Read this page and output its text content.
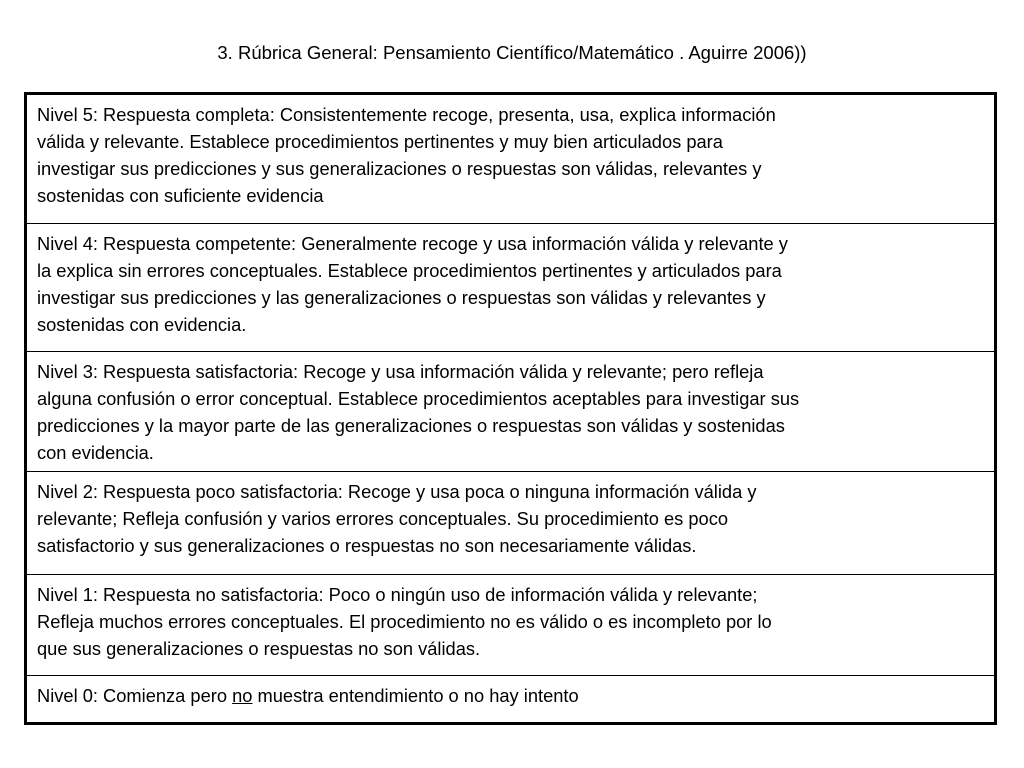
3. Rúbrica General: Pensamiento Científico/Matemático . Aguirre 2006))
Nivel 5: Respuesta completa: Consistentemente recoge, presenta, usa, explica información
válida y relevante. Establece procedimientos pertinentes y muy bien articulados para
investigar sus predicciones y sus generalizaciones o respuestas son válidas, relevantes y
sostenidas con suficiente evidencia
Nivel 4: Respuesta competente: Generalmente recoge y usa información válida y relevante y
la explica sin errores conceptuales. Establece procedimientos pertinentes y articulados para
investigar sus predicciones y las generalizaciones o respuestas son válidas y relevantes y
sostenidas con evidencia.
Nivel 3: Respuesta satisfactoria: Recoge y usa información válida y relevante; pero refleja
alguna confusión o error conceptual. Establece procedimientos aceptables para investigar sus
predicciones y la mayor parte de las generalizaciones o respuestas son válidas y sostenidas
con evidencia.
Nivel 2: Respuesta poco satisfactoria: Recoge y usa poca o ninguna información válida y
relevante; Refleja confusión y varios errores conceptuales. Su procedimiento es poco
satisfactorio y sus generalizaciones o respuestas no son necesariamente válidas.
Nivel 1: Respuesta no satisfactoria: Poco o ningún uso de información válida y relevante;
Refleja muchos errores conceptuales. El procedimiento no es válido o es incompleto por lo
que sus generalizaciones o respuestas no son válidas.
Nivel 0: Comienza pero no muestra entendimiento o no hay intento
